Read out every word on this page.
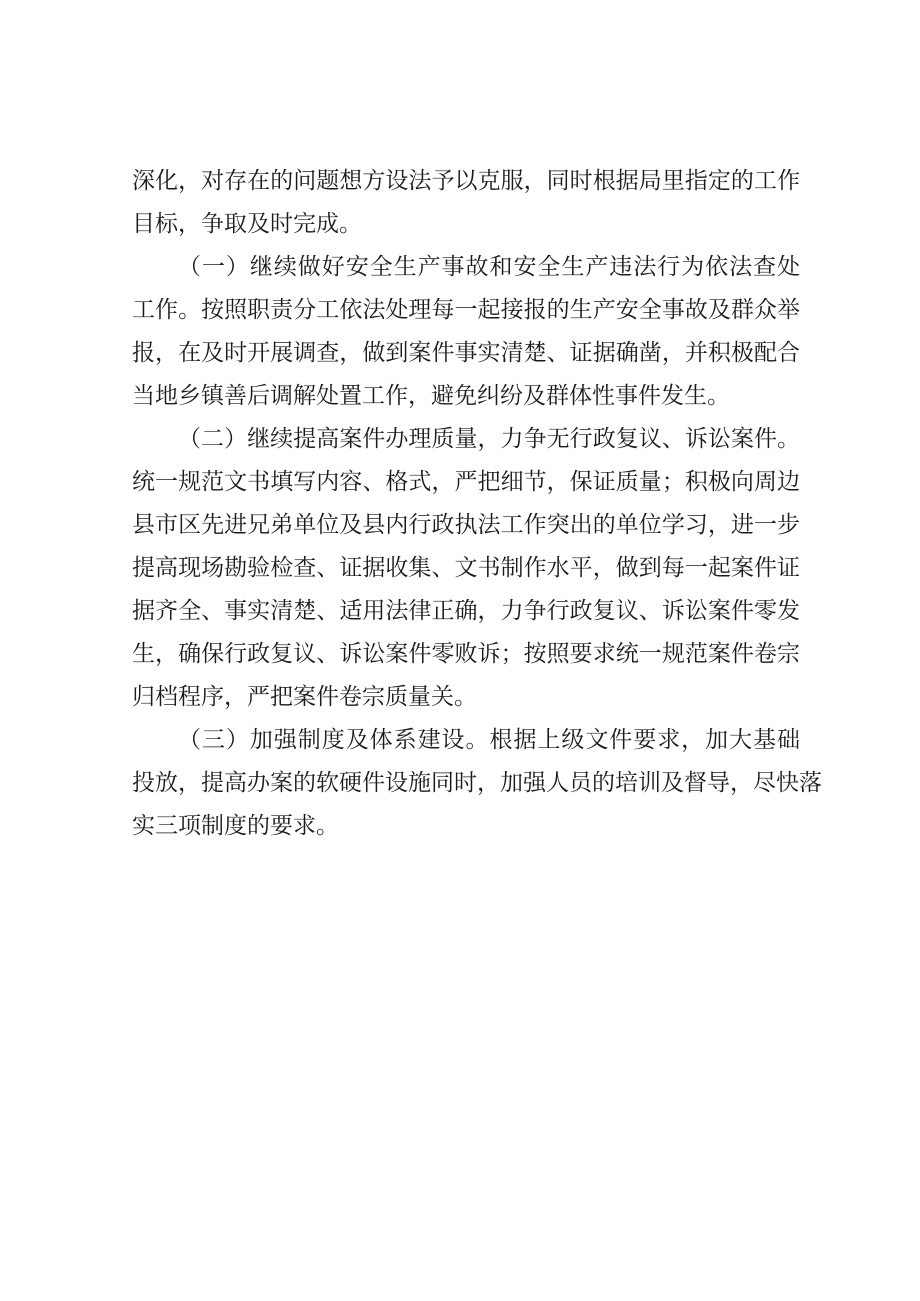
深化，对存在的问题想方设法予以克服，同时根据局里指定的工作
目标，争取及时完成。
（一）继续做好安全生产事故和安全生产违法行为依法查处
工作。按照职责分工依法处理每一起接报的生产安全事故及群众举
报，在及时开展调查，做到案件事实清楚、证据确凿，并积极配合
当地乡镇善后调解处置工作，避免纠纷及群体性事件发生。
（二）继续提高案件办理质量，力争无行政复议、诉讼案件。
统一规范文书填写内容、格式，严把细节，保证质量；积极向周边
县市区先进兄弟单位及县内行政执法工作突出的单位学习，进一步
提高现场勘验检查、证据收集、文书制作水平，做到每一起案件证
据齐全、事实清楚、适用法律正确，力争行政复议、诉讼案件零发
生，确保行政复议、诉讼案件零败诉；按照要求统一规范案件卷宗
归档程序，严把案件卷宗质量关。
（三）加强制度及体系建设。根据上级文件要求，加大基础
投放，提高办案的软硬件设施同时，加强人员的培训及督导，尽快落
实三项制度的要求。
